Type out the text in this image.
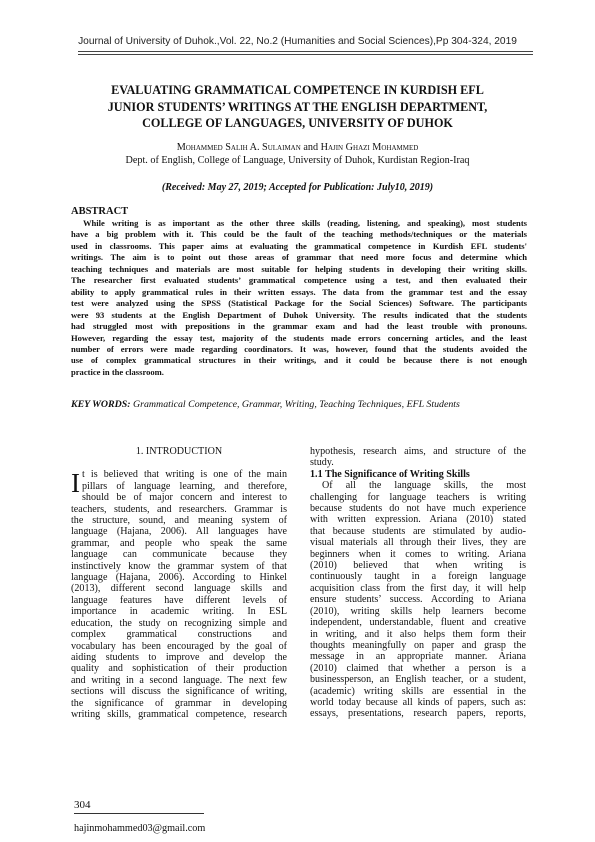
Journal of University of Duhok.,Vol. 22, No.2 (Humanities and Social Sciences),Pp 304-324, 2019
EVALUATING GRAMMATICAL COMPETENCE IN KURDISH EFL
JUNIOR STUDENTS’ WRITINGS AT THE ENGLISH DEPARTMENT,
COLLEGE OF LANGUAGES, UNIVERSITY OF DUHOK
Mohammed Salih A. Sulaiman and Hajin Ghazi Mohammed
Dept. of English, College of Language, University of Duhok, Kurdistan Region-Iraq
(Received: May 27, 2019; Accepted for Publication: July10, 2019)
ABSTRACT
While writing is as important as the other three skills (reading, listening, and speaking), most students
have a big problem with it. This could be the fault of the teaching methods/techniques or the materials
used in classrooms. This paper aims at evaluating the grammatical competence in Kurdish EFL students'
writings. The aim is to point out those areas of grammar that need more focus and determine which
teaching techniques and materials are most suitable for helping students in developing their writing skills.
The researcher first evaluated students’ grammatical competence using a test, and then evaluated their
ability to apply grammatical rules in their written essays. The data from the grammar test and the essay
test were analyzed using the SPSS (Statistical Package for the Social Sciences) Software. The participants
were 93 students at the English Department of Duhok University. The results indicated that the students
had struggled most with prepositions in the grammar exam and had the least trouble with pronouns.
However, regarding the essay test, majority of the students made errors concerning articles, and the least
number of errors were made regarding coordinators. It was, however, found that the students avoided the
use of complex grammatical structures in their writings, and it could be because there is not enough
practice in the classroom.
KEY WORDS: Grammatical Competence, Grammar, Writing, Teaching Techniques, EFL Students
1. INTRODUCTION
I t is believed that writing is one of the main
pillars of language learning, and therefore,
should be of major concern and interest to
teachers, students, and researchers. Grammar is
the structure, sound, and meaning system of
language (Hajana, 2006). All languages have
grammar, and people who speak the same
language can communicate because they
instinctively know the grammar system of that
language (Hajana, 2006). According to Hinkel
(2013), different second language skills and
language features have different levels of
importance in academic writing. In ESL
education, the study on recognizing simple and
complex grammatical constructions and
vocabulary has been encouraged by the goal of
aiding students to improve and develop the
quality and sophistication of their production
and writing in a second language. The next few
sections will discuss the significance of writing,
the significance of grammar in developing
writing skills, grammatical competence, research
hypothesis, research aims, and structure of the
study.
1.1 The Significance of Writing Skills
Of all the language skills, the most
challenging for language teachers is writing
because students do not have much experience
with written expression. Ariana (2010) stated
that because students are stimulated by audio-
visual materials all through their lives, they are
beginners when it comes to writing. Ariana
(2010) believed that when writing is
continuously taught in a foreign language
acquisition class from the first day, it will help
ensure students’ success. According to Ariana
(2010), writing skills help learners become
independent, understandable, fluent and creative
in writing, and it also helps them form their
thoughts meaningfully on paper and grasp the
message in an appropriate manner. Ariana
(2010) claimed that whether a person is a
businessperson, an English teacher, or a student,
(academic) writing skills are essential in the
world today because all kinds of papers, such as:
essays, presentations, research papers, reports,
304
hajinmohammed03@gmail.com
